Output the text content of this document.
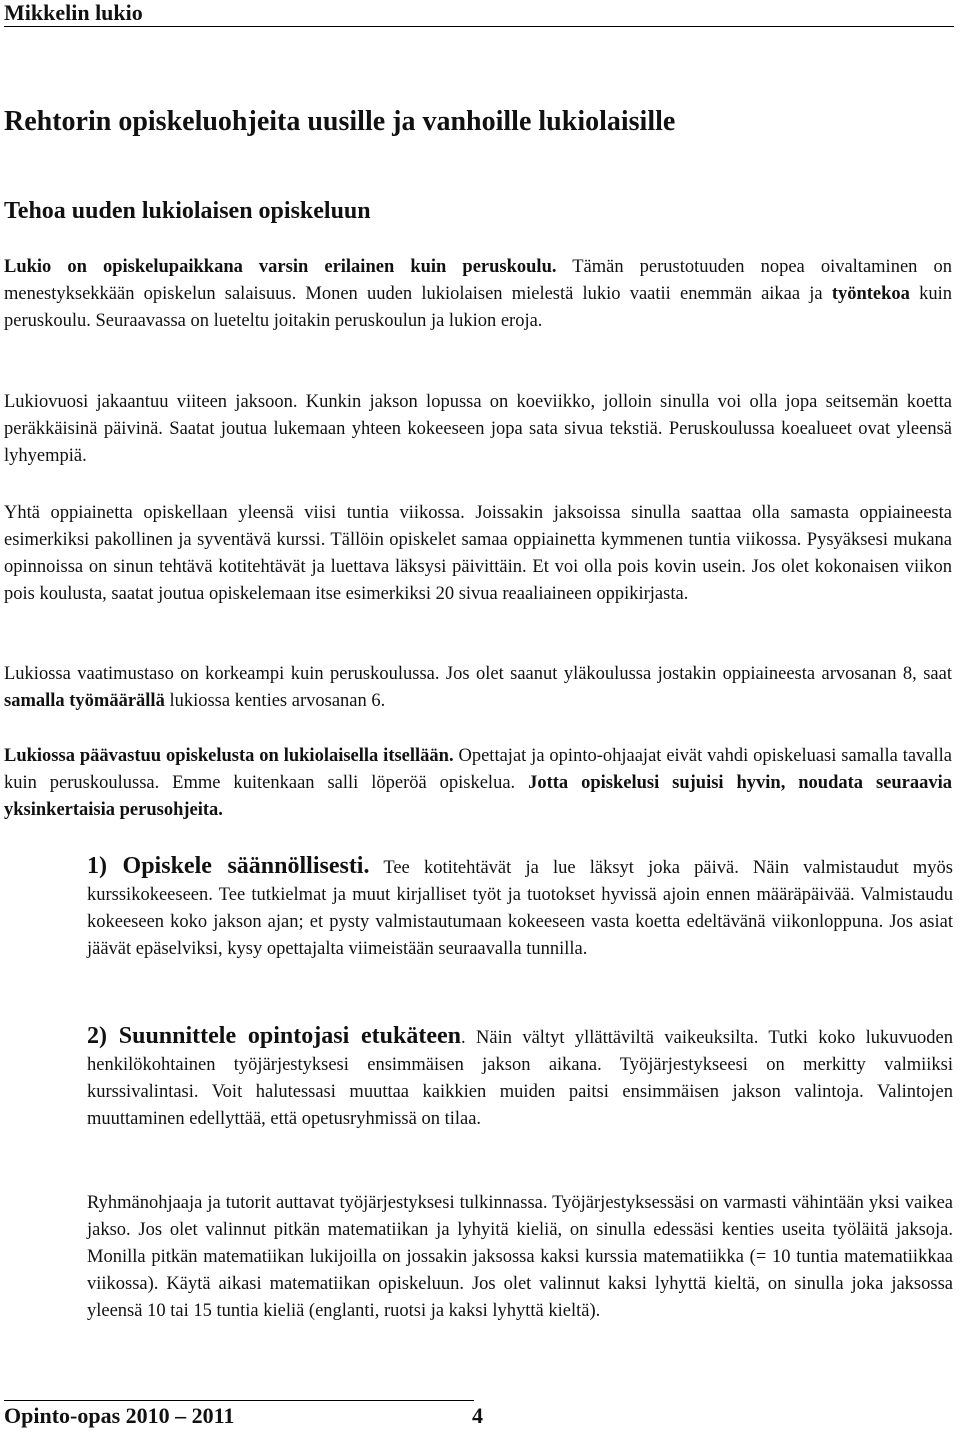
Mikkelin lukio
Rehtorin opiskeluohjeita uusille ja vanhoille lukiolaisille
Tehoa uuden lukiolaisen opiskeluun
Lukio on opiskelupaikkana varsin erilainen kuin peruskoulu. Tämän perustotuuden nopea oivaltaminen on menestyksekkään opiskelun salaisuus. Monen uuden lukiolaisen mielestä lukio vaatii enemmän aikaa ja työntekoa kuin peruskoulu. Seuraavassa on lueteltu joitakin peruskoulun ja lukion eroja.
Lukiovuosi jakaantuu viiteen jaksoon. Kunkin jakson lopussa on koeviikko, jolloin sinulla voi olla jopa seitsemän koetta peräkkäisinä päivinä. Saatat joutua lukemaan yhteen kokeeseen jopa sata sivua tekstiä. Peruskoulussa koealueet ovat yleensä lyhyempiä.
Yhtä oppiainetta opiskellaan yleensä viisi tuntia viikossa. Joissakin jaksoissa sinulla saattaa olla samasta oppiaineesta esimerkiksi pakollinen ja syventävä kurssi. Tällöin opiskelet samaa oppiainetta kymmenen tuntia viikossa. Pysyäksesi mukana opinnoissa on sinun tehtävä kotitehtävät ja luettava läksysi päivittäin. Et voi olla pois kovin usein. Jos olet kokonaisen viikon pois koulusta, saatat joutua opiskelemaan itse esimerkiksi 20 sivua reaaliaineen oppikirjasta.
Lukiossa vaatimustaso on korkeampi kuin peruskoulussa. Jos olet saanut yläkoulussa jostakin oppiaineesta arvosanan 8, saat samalla työmäärällä lukiossa kenties arvosanan 6.
Lukiossa päävastuu opiskelusta on lukiolaisella itsellään. Opettajat ja opinto-ohjaajat eivät vahdi opiskeluasi samalla tavalla kuin peruskoulussa. Emme kuitenkaan salli löperöä opiskelua. Jotta opiskelusi sujuisi hyvin, noudata seuraavia yksinkertaisia perusohjeita.
1) Opiskele säännöllisesti. Tee kotitehtävät ja lue läksyt joka päivä. Näin valmistaudut myös kurssikokeeseen. Tee tutkielmat ja muut kirjalliset työt ja tuotokset hyvissä ajoin ennen määräpäivää. Valmistaudu kokeeseen koko jakson ajan; et pysty valmistautumaan kokeeseen vasta koetta edeltävänä viikonloppuna. Jos asiat jäävät epäselviksi, kysy opettajalta viimeistään seuraavalla tunnilla.
2) Suunnittele opintojasi etukäteen. Näin vältyt yllättäviltä vaikeuksilta. Tutki koko lukuvuoden henkilökohtainen työjärjestyksesi ensimmäisen jakson aikana. Työjärjestykseesi on merkitty valmiiksi kurssivalintasi. Voit halutessasi muuttaa kaikkien muiden paitsi ensimmäisen jakson valintoja. Valintojen muuttaminen edellyttää, että opetusryhmissä on tilaa.
Ryhmänohjaaja ja tutorit auttavat työjärjestyksesi tulkinnassa. Työjärjestyksessäsi on varmasti vähintään yksi vaikea jakso. Jos olet valinnut pitkän matematiikan ja lyhyitä kieliä, on sinulla edessäsi kenties useita työläitä jaksoja. Monilla pitkän matematiikan lukijoilla on jossakin jaksossa kaksi kurssia matematiikka (= 10 tuntia matematiikkaa viikossa). Käytä aikasi matematiikan opiskeluun. Jos olet valinnut kaksi lyhyttä kieltä, on sinulla joka jaksossa yleensä 10 tai 15 tuntia kieliä (englanti, ruotsi ja kaksi lyhyttä kieltä).
Opinto-opas 2010 – 2011	4
